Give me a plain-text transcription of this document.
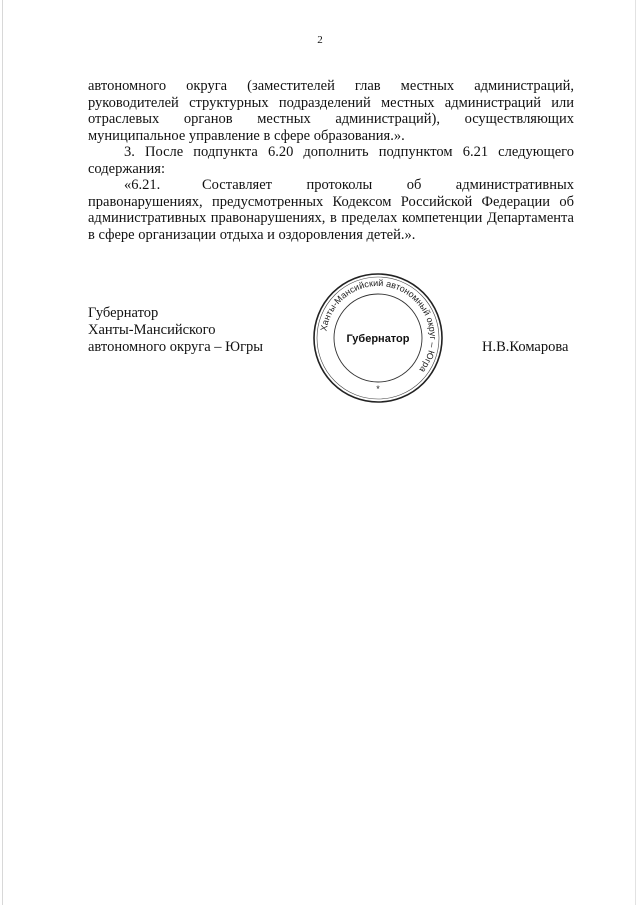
2

автономного округа (заместителей глав местных администраций, руководителей структурных подразделений местных администраций или отраслевых органов местных администраций), осуществляющих муниципальное управление в сфере образования.».

3. После подпункта 6.20 дополнить подпунктом 6.21 следующего содержания:

«6.21.	Составляет протоколы об административных правонарушениях, предусмотренных Кодексом Российской Федерации об административных правонарушениях, в пределах компетенции Департамента в сфере организации отдыха и оздоровления детей.».
Губернатор
Ханты-Мансийского
автономного округа – Югры	Н.В.Комарова
Ханты-Мансийский автономный округ – Югра
Губернатор
*
